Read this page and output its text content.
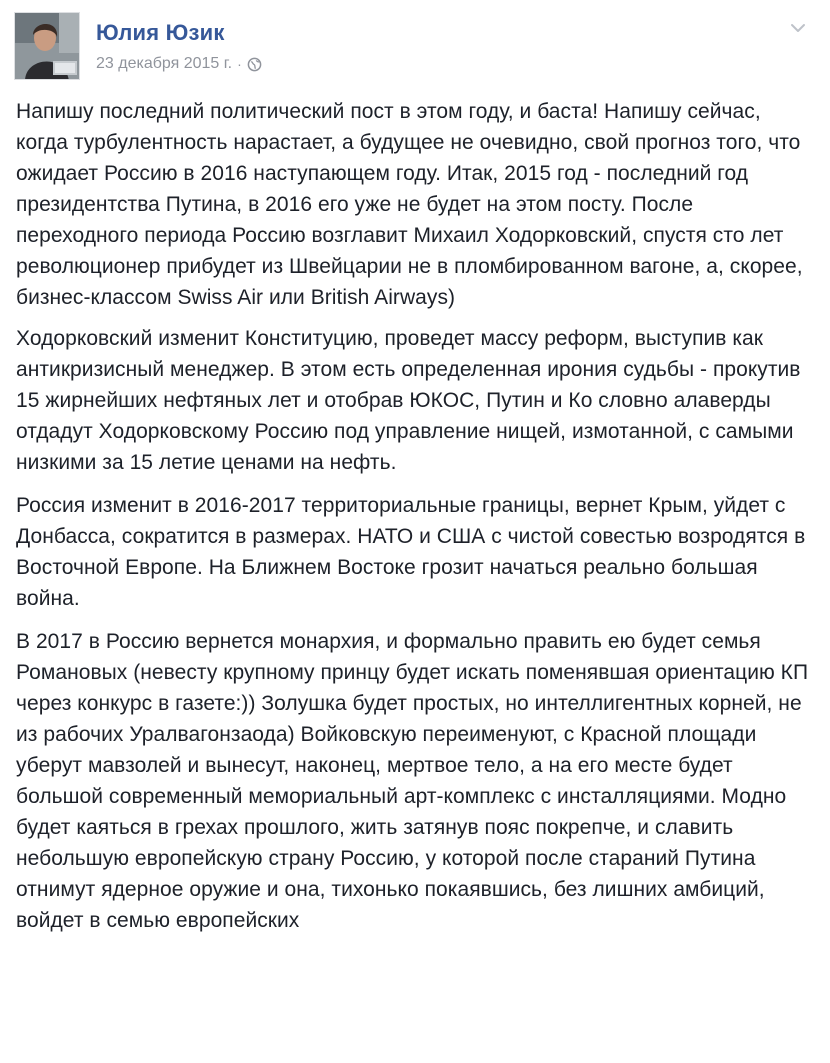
Юлия Юзик
23 декабря 2015 г. ·

Напишу последний политический пост в этом году, и баста! Напишу сейчас, когда турбулентность нарастает, а будущее не очевидно, свой прогноз того, что ожидает Россию в 2016 наступающем году. Итак, 2015 год - последний год президентства Путина, в 2016 его уже не будет на этом посту. После переходного периода Россию возглавит Михаил Ходорковский, спустя сто лет революционер прибудет из Швейцарии не в пломбированном вагоне, а, скорее, бизнес-классом Swiss Air или British Airways)

Ходорковский изменит Конституцию, проведет массу реформ, выступив как антикризисный менеджер. В этом есть определенная ирония судьбы - прокутив 15 жирнейших нефтяных лет и отобрав ЮКОС, Путин и Ко словно алаверды отдадут Ходорковскому Россию под управление нищей, измотанной, с самыми низкими за 15 летие ценами на нефть.

Россия изменит в 2016-2017 территориальные границы, вернет Крым, уйдет с Донбасса, сократится в размерах. НАТО и США с чистой совестью возродятся в Восточной Европе. На Ближнем Востоке грозит начаться реально большая война.

В 2017 в Россию вернется монархия, и формально править ею будет семья Романовых (невесту крупному принцу будет искать поменявшая ориентацию КП через конкурс в газете:)) Золушка будет простых, но интеллигентных корней, не из рабочих Уралвагонзаода) Войковскую переименуют, с Красной площади уберут мавзолей и вынесут, наконец, мертвое тело, а на его месте будет большой современный мемориальный арт-комплекс с инсталляциями. Модно будет каяться в грехах прошлого, жить затянув пояс покрепче, и славить небольшую европейскую страну Россию, у которой после стараний Путина отнимут ядерное оружие и она, тихонько покаявшись, без лишних амбиций, войдет в семью европейских
